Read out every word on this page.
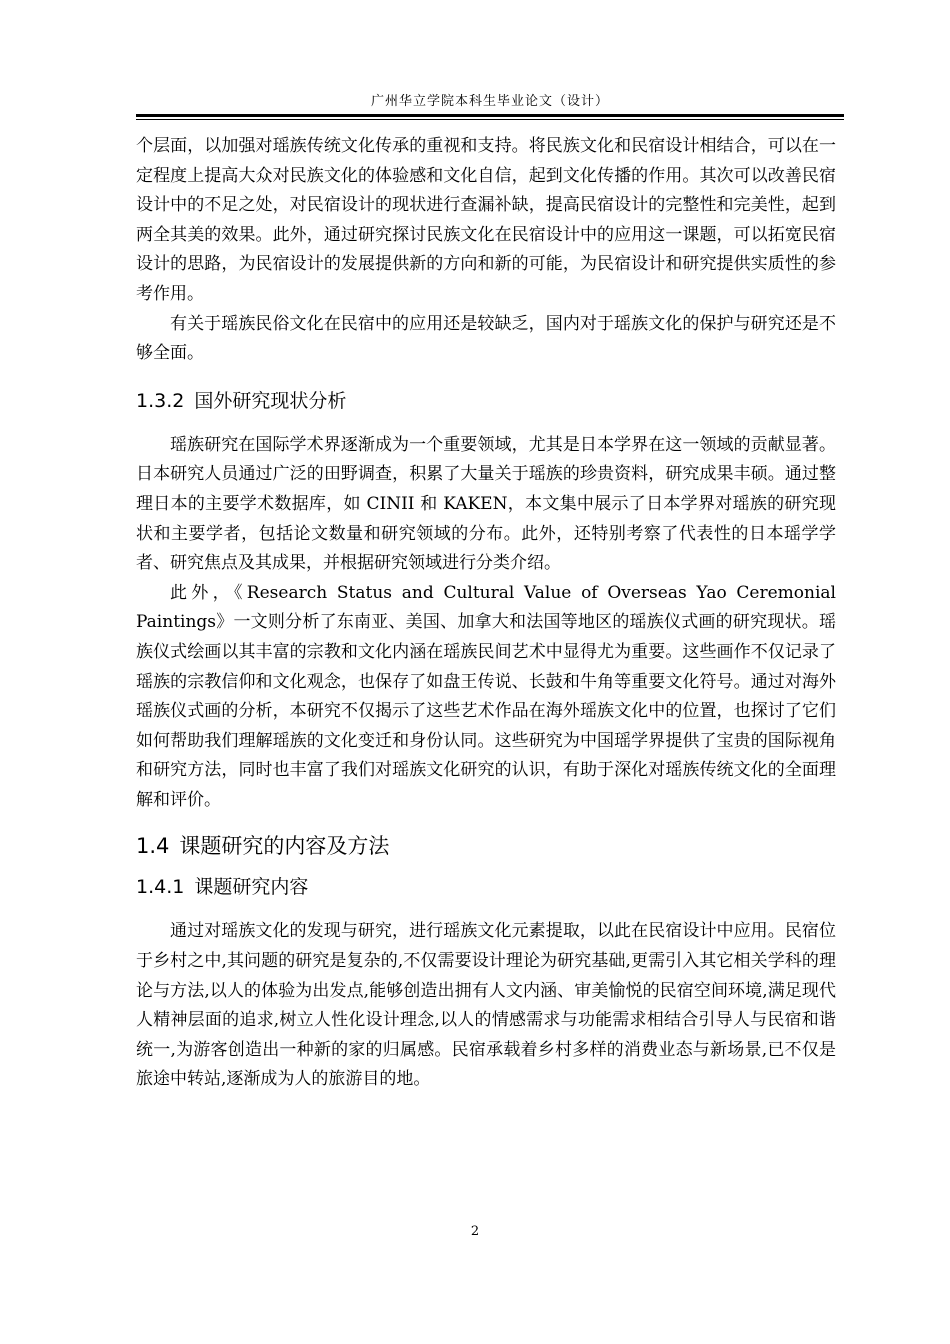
广州华立学院本科生毕业论文（设计）

个层面，以加强对瑶族传统文化传承的重视和支持。将民族文化和民宿设计相结合，可以在一定程度上提高大众对民族文化的体验感和文化自信，起到文化传播的作用。其次可以改善民宿设计中的不足之处，对民宿设计的现状进行查漏补缺，提高民宿设计的完整性和完美性，起到两全其美的效果。此外，通过研究探讨民族文化在民宿设计中的应用这一课题，可以拓宽民宿设计的思路，为民宿设计的发展提供新的方向和新的可能，为民宿设计和研究提供实质性的参考作用。

有关于瑶族民俗文化在民宿中的应用还是较缺乏，国内对于瑶族文化的保护与研究还是不够全面。

1.3.2 国外研究现状分析

瑶族研究在国际学术界逐渐成为一个重要领域，尤其是日本学界在这一领域的贡献显著。日本研究人员通过广泛的田野调查，积累了大量关于瑶族的珍贵资料，研究成果丰硕。通过整理日本的主要学术数据库，如 CINII 和 KAKEN，本文集中展示了日本学界对瑶族的研究现状和主要学者，包括论文数量和研究领域的分布。此外，还特别考察了代表性的日本瑶学学者、研究焦点及其成果，并根据研究领域进行分类介绍。

此外，《Research Status and Cultural Value of Overseas Yao Ceremonial Paintings》一文则分析了东南亚、美国、加拿大和法国等地区的瑶族仪式画的研究现状。瑶族仪式绘画以其丰富的宗教和文化内涵在瑶族民间艺术中显得尤为重要。这些画作不仅记录了瑶族的宗教信仰和文化观念，也保存了如盘王传说、长鼓和牛角等重要文化符号。通过对海外瑶族仪式画的分析，本研究不仅揭示了这些艺术作品在海外瑶族文化中的位置，也探讨了它们如何帮助我们理解瑶族的文化变迁和身份认同。这些研究为中国瑶学界提供了宝贵的国际视角和研究方法，同时也丰富了我们对瑶族文化研究的认识，有助于深化对瑶族传统文化的全面理解和评价。

1.4 课题研究的内容及方法
1.4.1 课题研究内容

通过对瑶族文化的发现与研究，进行瑶族文化元素提取，以此在民宿设计中应用。民宿位于乡村之中,其问题的研究是复杂的,不仅需要设计理论为研究基础,更需引入其它相关学科的理论与方法,以人的体验为出发点,能够创造出拥有人文内涵、审美愉悦的民宿空间环境,满足现代人精神层面的追求,树立人性化设计理念,以人的情感需求与功能需求相结合引导人与民宿和谐统一,为游客创造出一种新的家的归属感。民宿承载着乡村多样的消费业态与新场景,已不仅是旅途中转站,逐渐成为人的旅游目的地。

2
